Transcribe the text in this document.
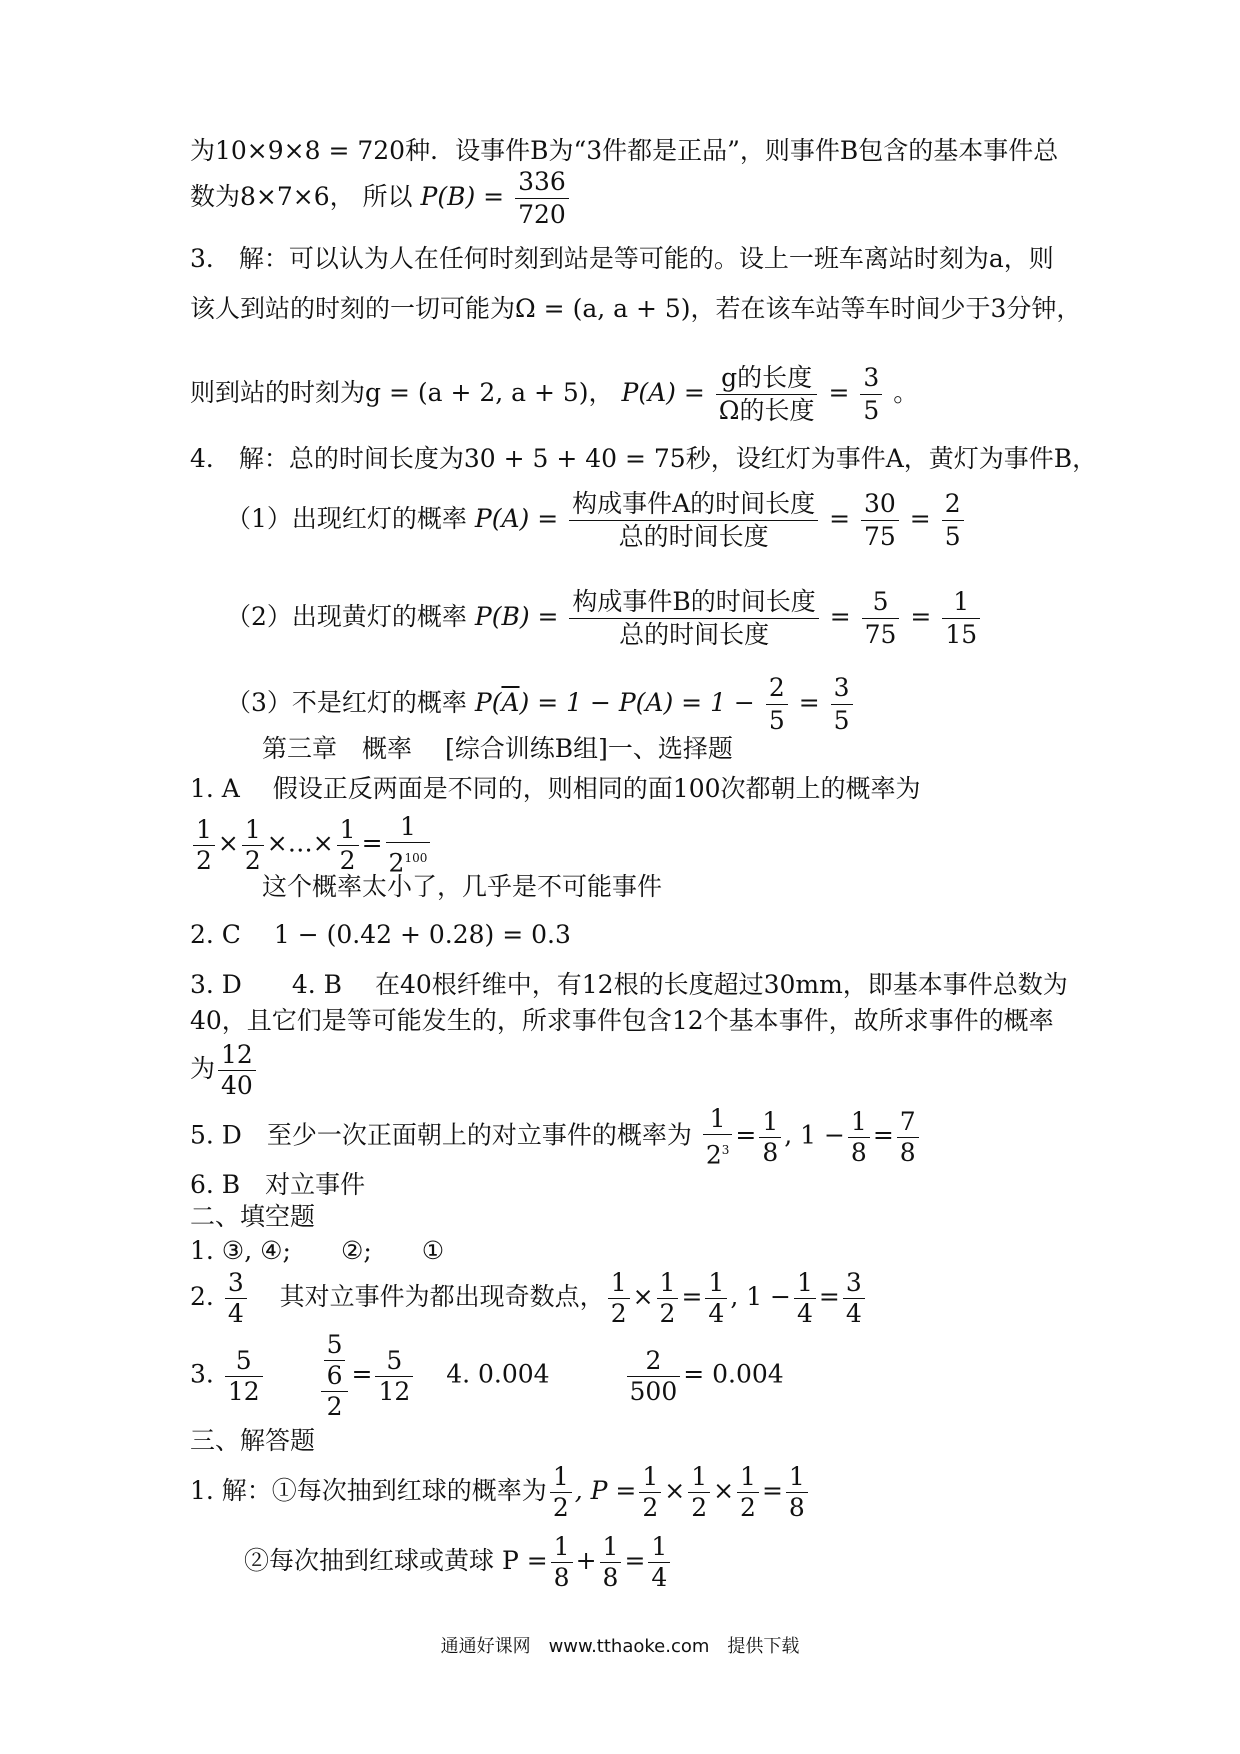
为10×9×8 = 720种．设事件B为“3件都是正品”，则事件B包含的基本事件总
数为8×7×6， 所以 $P(B) = \frac{336}{720}$
3． 解：可以认为人在任何时刻到站是等可能的。设上一班车离站时刻为a，则
该人到站的时刻的一切可能为Ω = (a, a + 5)，若在该车站等车时间少于3分钟，
则到站的时刻为g = (a + 2, a + 5)， $P(A) = \frac{\text{g的长度}}{\text{Ω的长度}} = \frac{3}{5}$ 。
4． 解：总的时间长度为30 + 5 + 40 = 75秒，设红灯为事件A，黄灯为事件B，
（1）出现红灯的概率 $P(A) = \frac{\text{构成事件A的时间长度}}{\text{总的时间长度}} = \frac{30}{75} = \frac{2}{5}$
（2）出现黄灯的概率 $P(B) = \frac{\text{构成事件B的时间长度}}{\text{总的时间长度}} = \frac{5}{75} = \frac{1}{15}$
（3）不是红灯的概率 $P(\overline{A}) = 1 - P(A) = 1 - \frac{2}{5} = \frac{3}{5}$
第三章　概率　 [综合训练B组]一、选择题
1. A　 假设正反两面是不同的，则相同的面100次都朝上的概率为
$\frac{1}{2} \times \frac{1}{2}$ ×…× $\frac{1}{2} = \frac{1}{2^{100}}$
这个概率太小了，几乎是不可能事件
2. C　 1 − (0.42 + 0.28) = 0.3
3. D　　4. B　 在40根纤维中，有12根的长度超过30mm，即基本事件总数为
40，且它们是等可能发生的，所求事件包含12个基本事件，故所求事件的概率
为 $\frac{12}{40}$
5. D　至少一次正面朝上的对立事件的概率为 $\frac{1}{2^3} = \frac{1}{8}$ , $1 - \frac{1}{8} = \frac{7}{8}$
6. B　对立事件
二、填空题
1. ③, ④;　　②;　　①
2. $\frac{3}{4}$ 其对立事件为都出现奇数点， $\frac{1}{2} \times \frac{1}{2} = \frac{1}{4}$ , $1 - \frac{1}{4} = \frac{3}{4}$
3. $\frac{5}{12}$
$\frac{\frac{5}{6}}{2} = \frac{5}{12} 4$. 0.004	$\frac{2}{500} = 0.004$
三、解答题
1. 解：①每次抽到红球的概率为 $\frac{1}{2}$ , $P = \frac{1}{2} \times \frac{1}{2} \times \frac{1}{2} = \frac{1}{8}$
②每次抽到红球或黄球 $P = \frac{1}{8} + \frac{1}{8} = \frac{1}{4}$
通通好课网　www.tthaoke.com　提供下载
